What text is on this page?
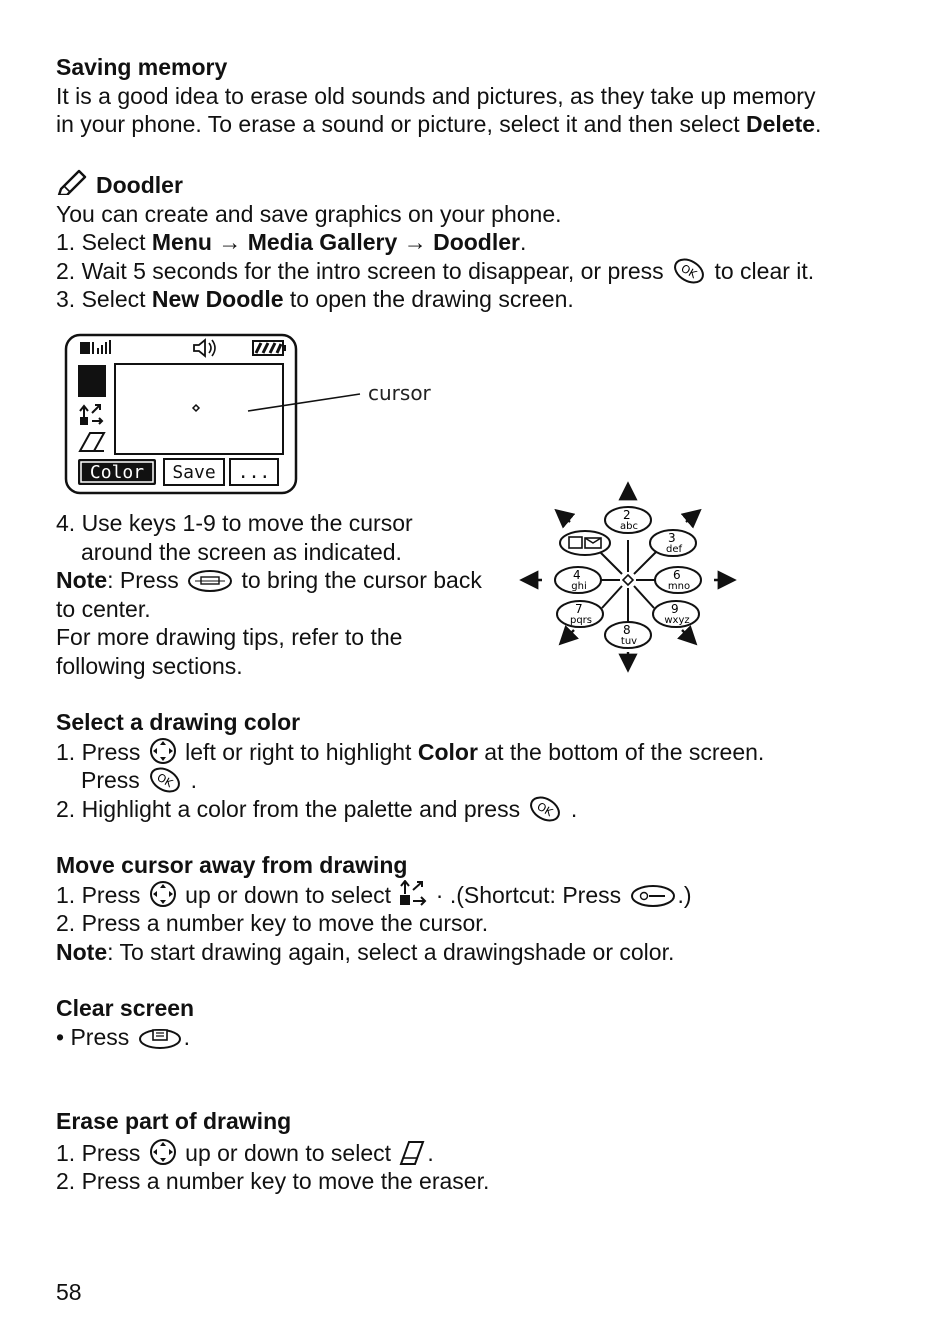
Saving memory

It is a good idea to erase old sounds and pictures, as they take up memory

in your phone. To erase a sound or picture, select it and then select Delete.

Doodler

You can create and save graphics on your phone.

1. Select Menu → Media Gallery → Doodler.

2. Wait 5 seconds for the intro screen to disappear, or press OK to clear it.

3. Select New Doodle to open the drawing screen.

Color Save ...
cursor

4. Use keys 1-9 to move the cursor

around the screen as indicated.

Note: Press	to bring the cursor back

to center.

For more drawing tips, refer to the

following sections.

2
abc
3
def
4
ghi
6
mno
7
pqrs
8
tuv
9
wxyz

Select a drawing color

1. Press left or right to highlight Color at the bottom of the screen.

Press OK .

2. Highlight a color from the palette and press OK .

Move cursor away from drawing

1. Press up or down to select · .(Shortcut: Press .)

2. Press a number key to move the cursor.

Note: To start drawing again, select a drawingshade or color.

Clear screen

• Press .

Erase part of drawing

1. Press up or down to select .

2. Press a number key to move the eraser.

58
